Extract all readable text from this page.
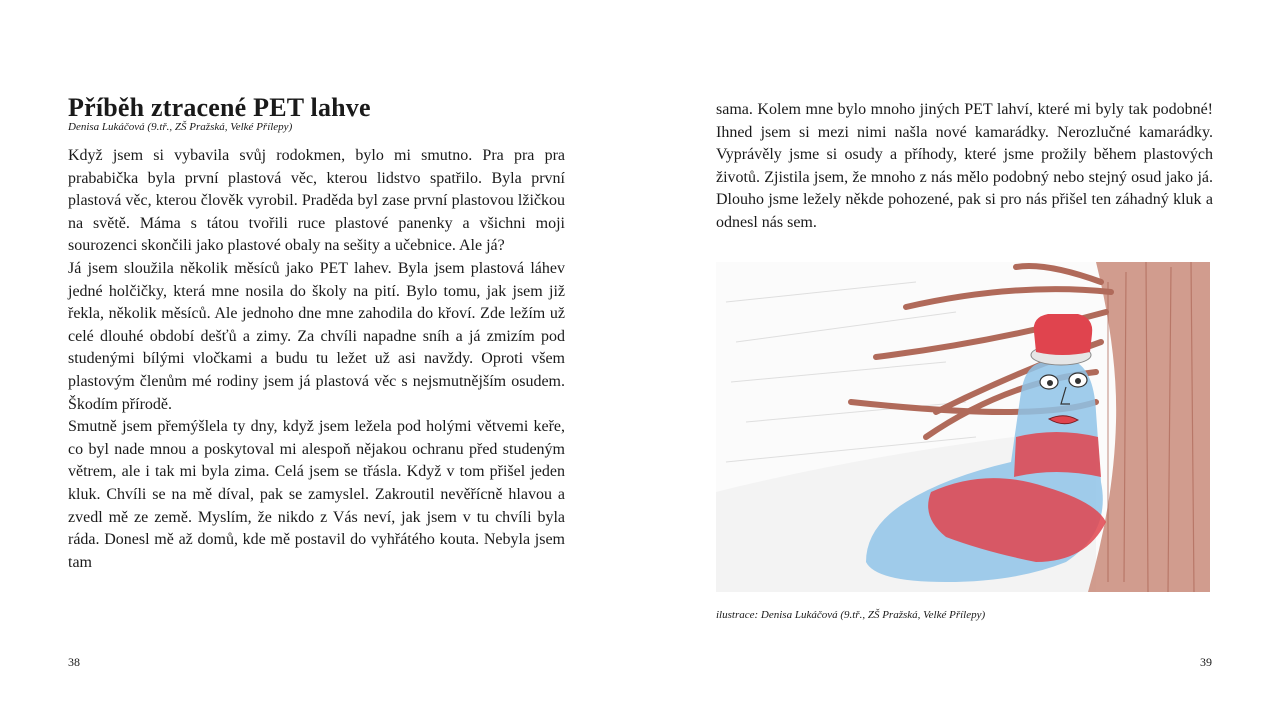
Příběh ztracené PET lahve
Denisa Lukáčová (9.tř., ZŠ Pražská, Velké Přílepy)

Když jsem si vybavila svůj rodokmen, bylo mi smutno. Pra pra pra prababička byla první plastová věc, kterou lidstvo spatřilo. Byla první plastová věc, kterou člověk vyrobil. Praděda byl zase první plastovou lžičkou na světě. Máma s tátou tvořili ruce plastové panenky a všichni moji sourozenci skončili jako plastové obaly na sešity a učebnice. Ale já?

Já jsem sloužila několik měsíců jako PET lahev. Byla jsem plastová láhev jedné holčičky, která mne nosila do školy na pití. Bylo tomu, jak jsem již řekla, několik měsíců. Ale jednoho dne mne zahodila do křoví. Zde ležím už celé dlouhé období dešťů a zimy. Za chvíli napadne sníh a já zmizím pod studenými bílými vločkami a budu tu ležet už asi navždy. Oproti všem plastovým členům mé rodiny jsem já plastová věc s nejsmutnějším osudem. Škodím přírodě.

Smutně jsem přemýšlela ty dny, když jsem ležela pod holými větvemi keře, co byl nade mnou a poskytoval mi alespoň nějakou ochranu před studeným větrem, ale i tak mi byla zima. Celá jsem se třásla. Když v tom přišel jeden kluk. Chvíli se na mě díval, pak se zamyslel. Zakroutil nevěřícně hlavou a zvedl mě ze země. Myslím, že nikdo z Vás neví, jak jsem v tu chvíli byla ráda. Donesl mě až domů, kde mě postavil do vyhřátého kouta. Nebyla jsem tam

38

sama. Kolem mne bylo mnoho jiných PET lahví, které mi byly tak podobné! Ihned jsem si mezi nimi našla nové kamarádky. Nerozlučné kamarádky. Vyprávěly jsme si osudy a příhody, které jsme prožily během plastových životů. Zjistila jsem, že mnoho z nás mělo podobný nebo stejný osud jako já. Dlouho jsme ležely někde pohozené, pak si pro nás přišel ten záhadný kluk a odnesl nás sem.

ilustrace: Denisa Lukáčová (9.tř., ZŠ Pražská, Velké Přílepy)
39
